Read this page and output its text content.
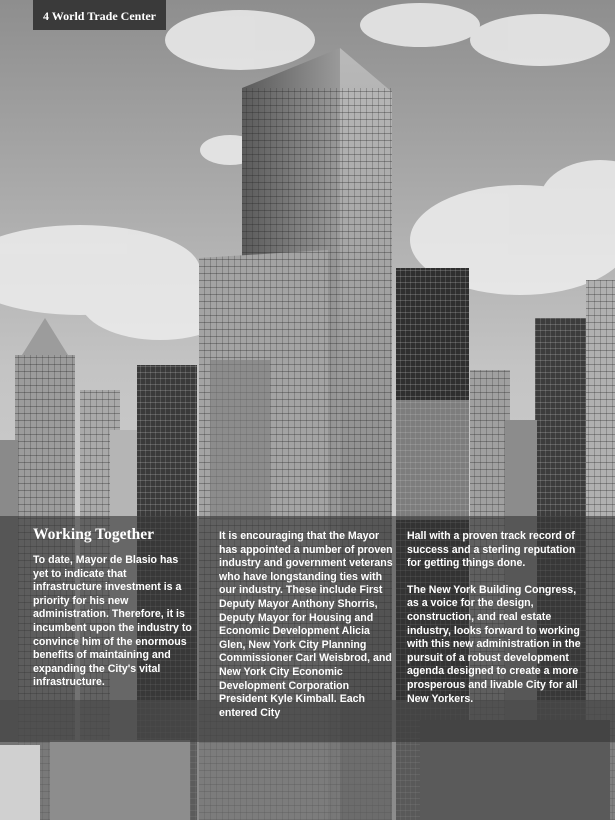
4 World Trade Center
Working Together

To date, Mayor de Blasio has yet to indicate that infrastructure investment is a priority for his new administration. Therefore, it is incumbent upon the industry to convince him of the enormous benefits of maintaining and expanding the City's vital infrastructure.

It is encouraging that the Mayor has appointed a number of proven industry and government veterans who have longstanding ties with our industry. These include First Deputy Mayor Anthony Shorris, Deputy Mayor for Housing and Economic Development Alicia Glen, New York City Planning Commissioner Carl Weisbrod, and New York City Economic Development Corporation President Kyle Kimball. Each entered City

Hall with a proven track record of success and a sterling reputation for getting things done.

The New York Building Congress, as a voice for the design, construction, and real estate industry, looks forward to working with this new administration in the pursuit of a robust development agenda designed to create a more prosperous and livable City for all New Yorkers.
